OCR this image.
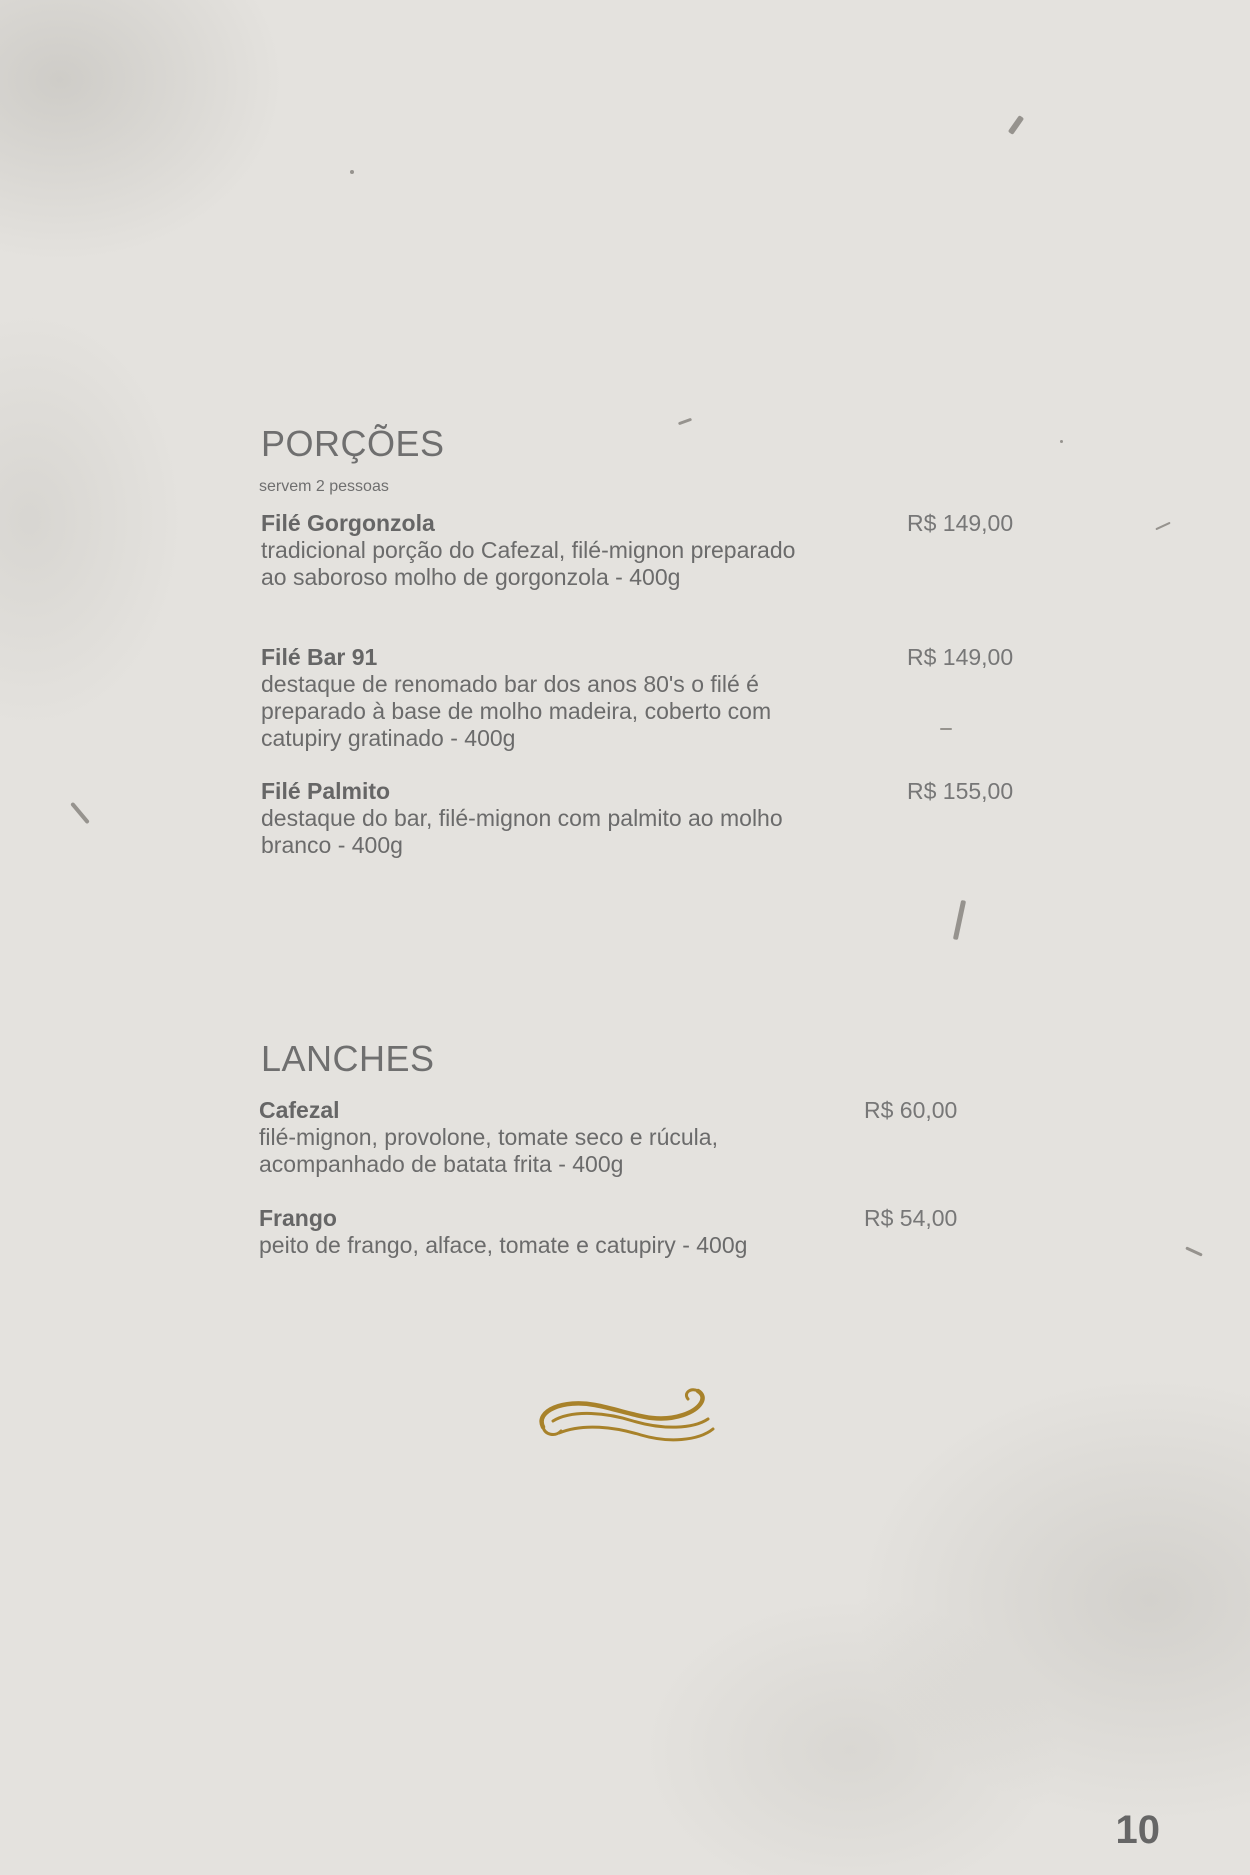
PORÇÕES
servem 2 pessoas
Filé Gorgonzola
tradicional porção do Cafezal, filé-mignon preparado ao saboroso molho de gorgonzola - 400g
R$ 149,00
Filé Bar 91
destaque de renomado bar dos anos 80's o filé é preparado à base de molho madeira, coberto com catupiry gratinado - 400g
R$ 149,00
Filé Palmito
destaque do bar, filé-mignon com palmito ao molho branco - 400g
R$ 155,00
LANCHES
Cafezal
filé-mignon, provolone, tomate seco e rúcula, acompanhado de batata frita - 400g
R$ 60,00
Frango
peito de frango, alface, tomate e catupiry - 400g
R$ 54,00
10
